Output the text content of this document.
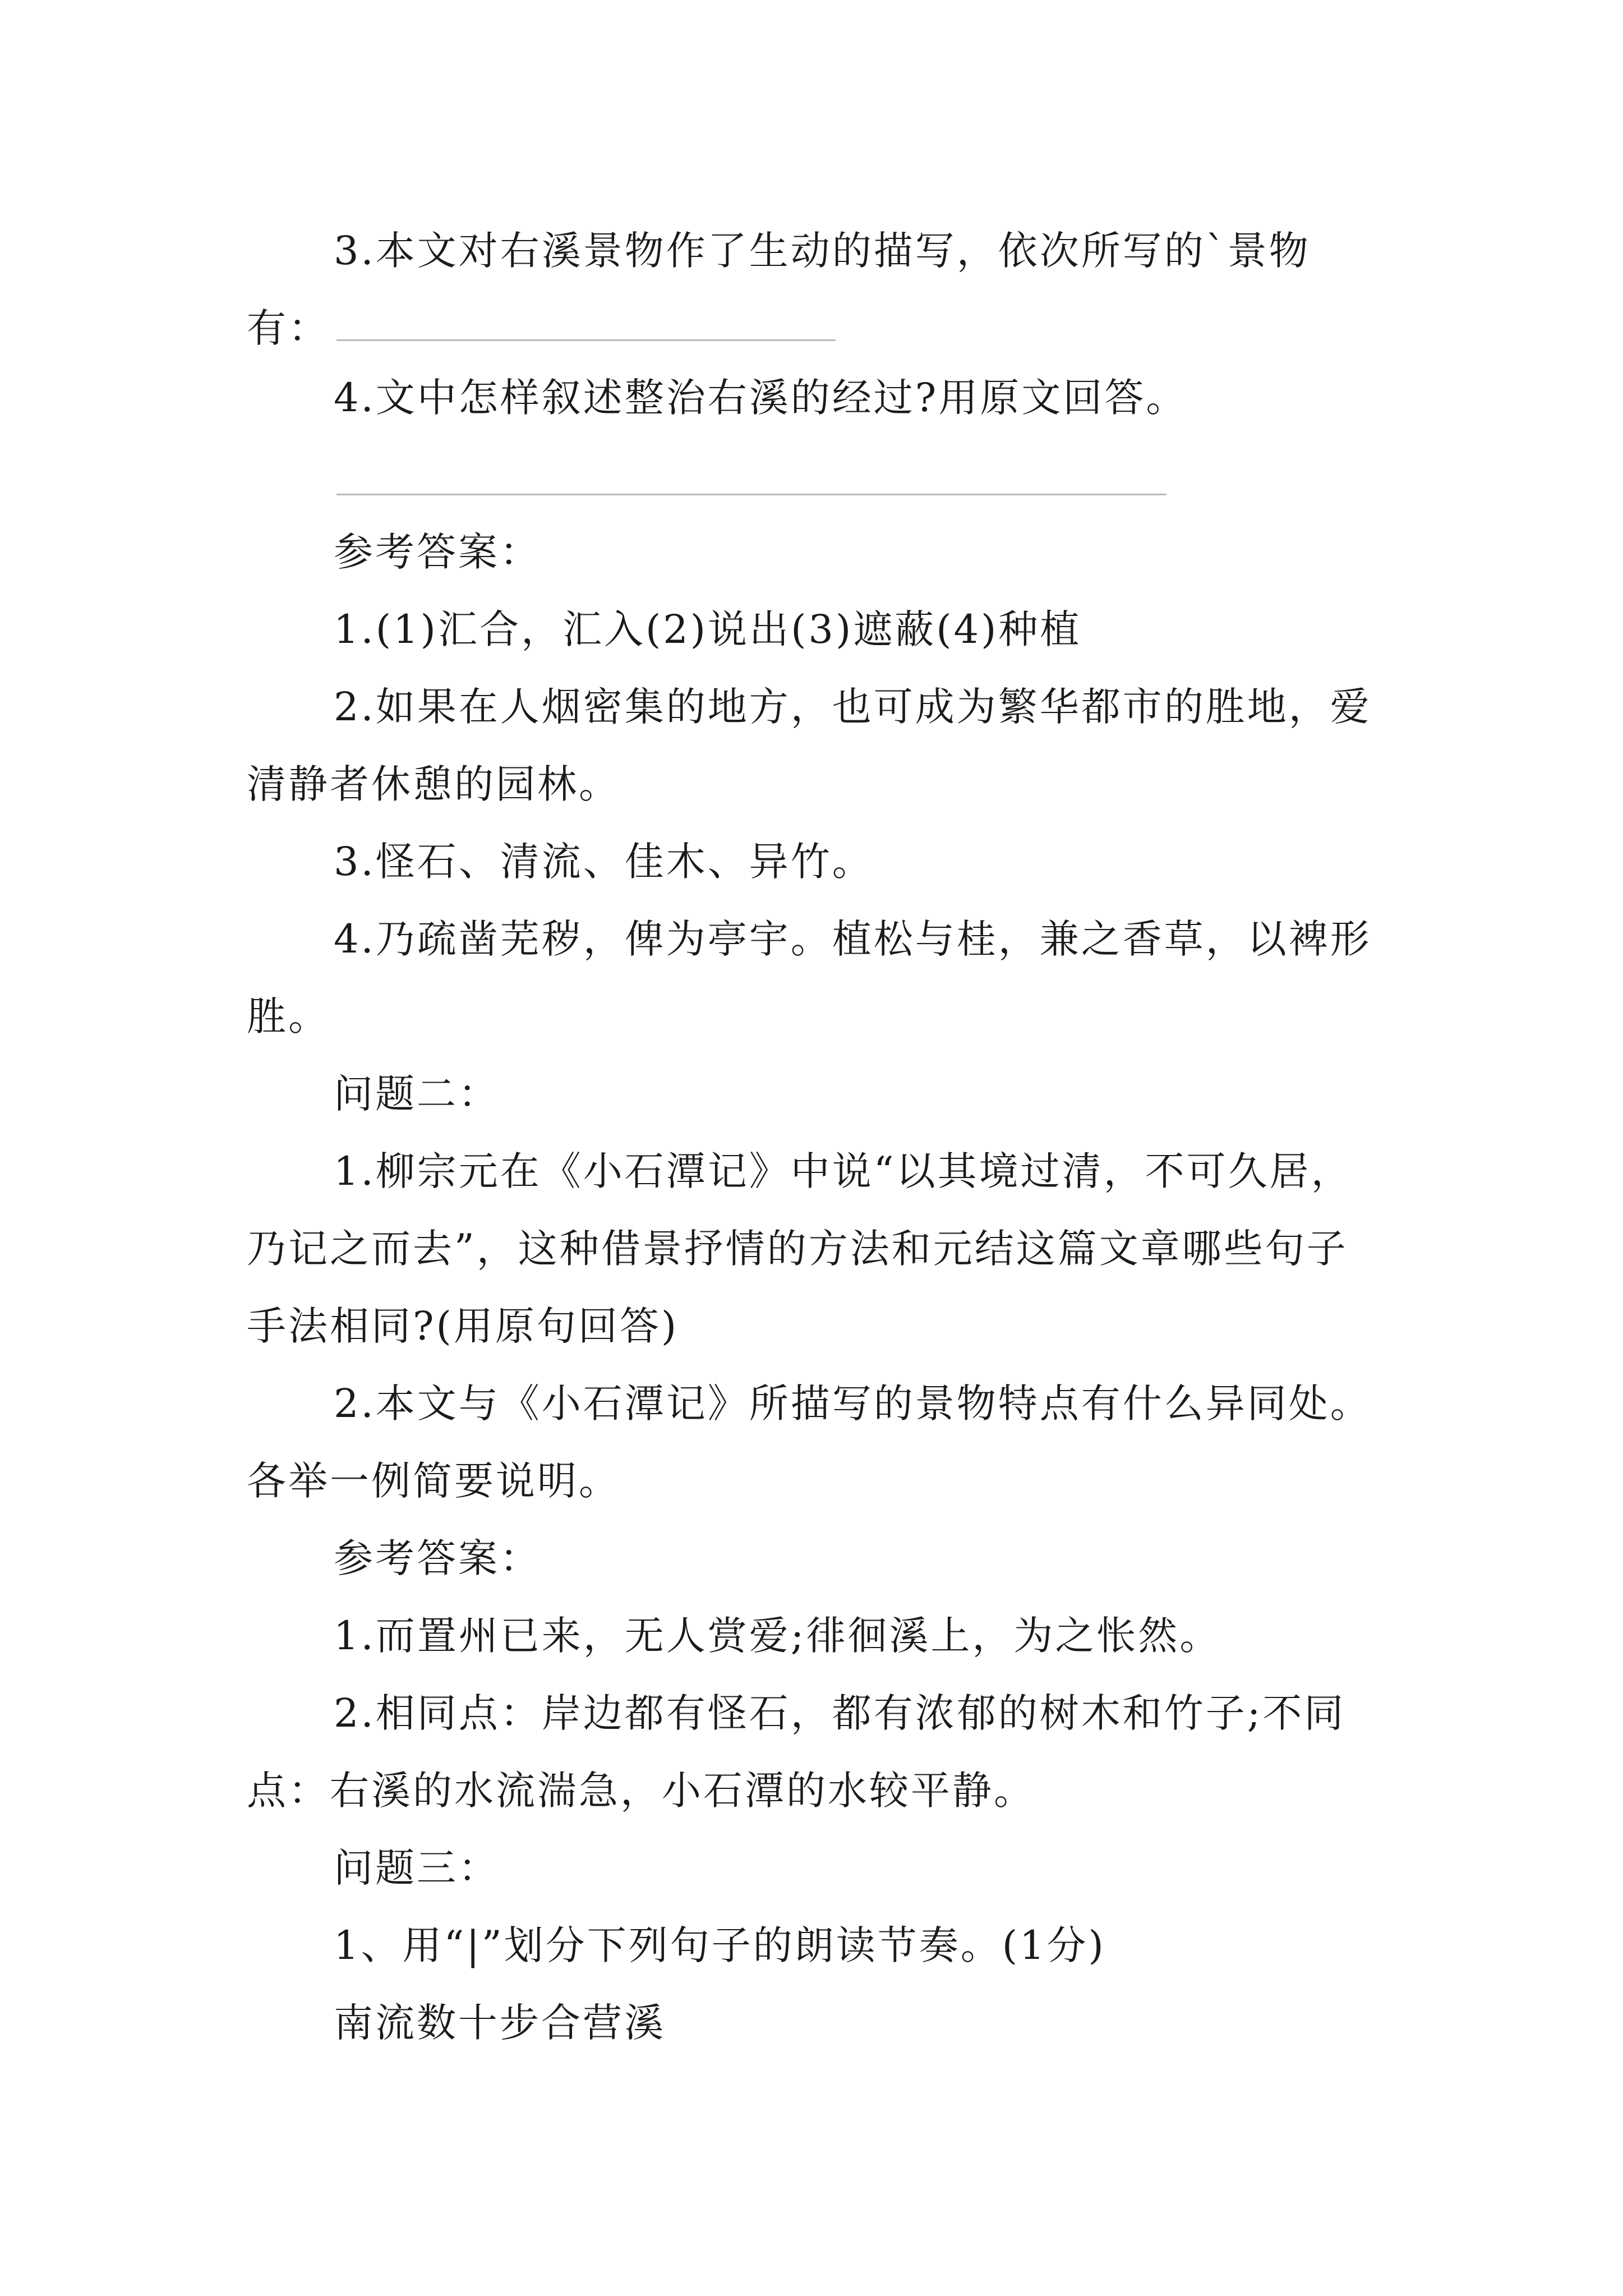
3.本文对右溪景物作了生动的描写，依次所写的`景物有：

4.文中怎样叙述整治右溪的经过?用原文回答。

参考答案：

1.(1)汇合，汇入(2)说出(3)遮蔽(4)种植

2.如果在人烟密集的地方，也可成为繁华都市的胜地，爱清静者休憩的园林。

3.怪石、清流、佳木、异竹。

4.乃疏凿芜秽，俾为亭宇。植松与桂，兼之香草，以裨形胜。

问题二：

1.柳宗元在《小石潭记》中说“以其境过清，不可久居，乃记之而去”，这种借景抒情的方法和元结这篇文章哪些句子手法相同?(用原句回答)

2.本文与《小石潭记》所描写的景物特点有什么异同处。各举一例简要说明。

参考答案：

1.而置州已来，无人赏爱;徘徊溪上，为之怅然。

2.相同点：岸边都有怪石，都有浓郁的树木和竹子;不同点：右溪的水流湍急，小石潭的水较平静。

问题三：

1、用“|”划分下列句子的朗读节奏。(1分)

南流数十步合营溪
